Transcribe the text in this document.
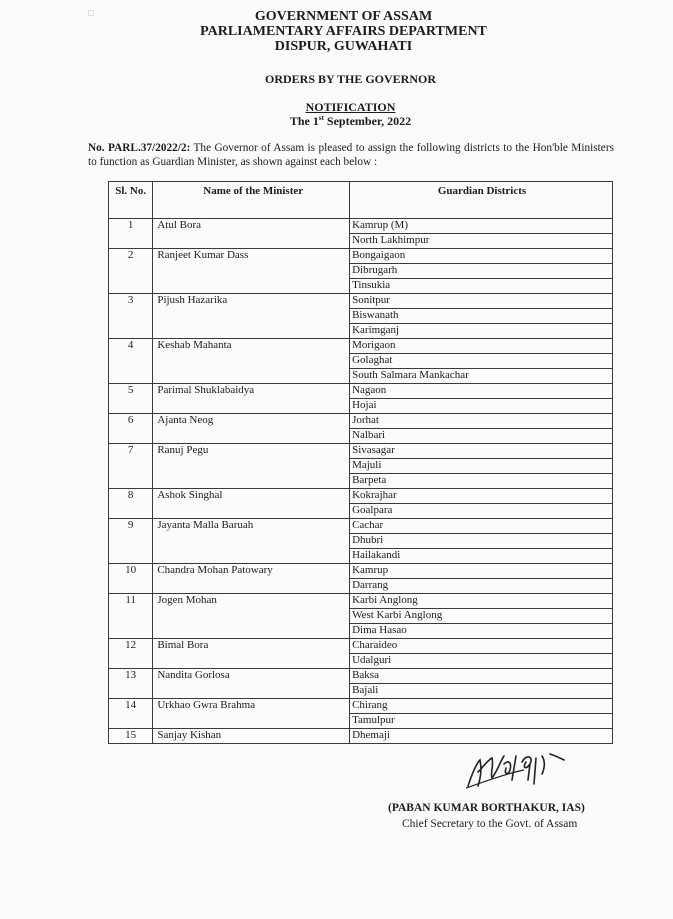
□	GOVERNMENT OF ASSAM
PARLIAMENTARY AFFAIRS DEPARTMENT
DISPUR, GUWAHATI
ORDERS BY THE GOVERNOR
NOTIFICATION
The 1st September, 2022
No. PARL.37/2022/2: The Governor of Assam is pleased to assign the following districts to the Hon'ble Ministers to function as Guardian Minister, as shown against each below :
Sl. No.	Name of the Minister	Guardian Districts
1	Atul Bora	Kamrup (M)
		North Lakhimpur
2	Ranjeet Kumar Dass	Bongaigaon
		Dibrugarh
		Tinsukia
3	Pijush Hazarika	Sonitpur
		Biswanath
		Karimganj
4	Keshab Mahanta	Morigaon
		Golaghat
		South Salmara Mankachar
5	Parimal Shuklabaidya	Nagaon
		Hojai
6	Ajanta Neog	Jorhat
		Nalbari
7	Ranuj Pegu	Sivasagar
		Majuli
		Barpeta
8	Ashok Singhal	Kokrajhar
		Goalpara
9	Jayanta Malla Baruah	Cachar
		Dhubri
		Hailakandi
10	Chandra Mohan Patowary	Kamrup
		Darrang
11	Jogen Mohan	Karbi Anglong
		West Karbi Anglong
		Dima Hasao
12	Bimal Bora	Charaideo
		Udalguri
13	Nandita Gorlosa	Baksa
		Bajali
14	Urkhao Gwra Brahma	Chirang
		Tamulpur
15	Sanjay Kishan	Dhemaji
(PABAN KUMAR BORTHAKUR, IAS)
Chief Secretary to the Govt. of Assam
